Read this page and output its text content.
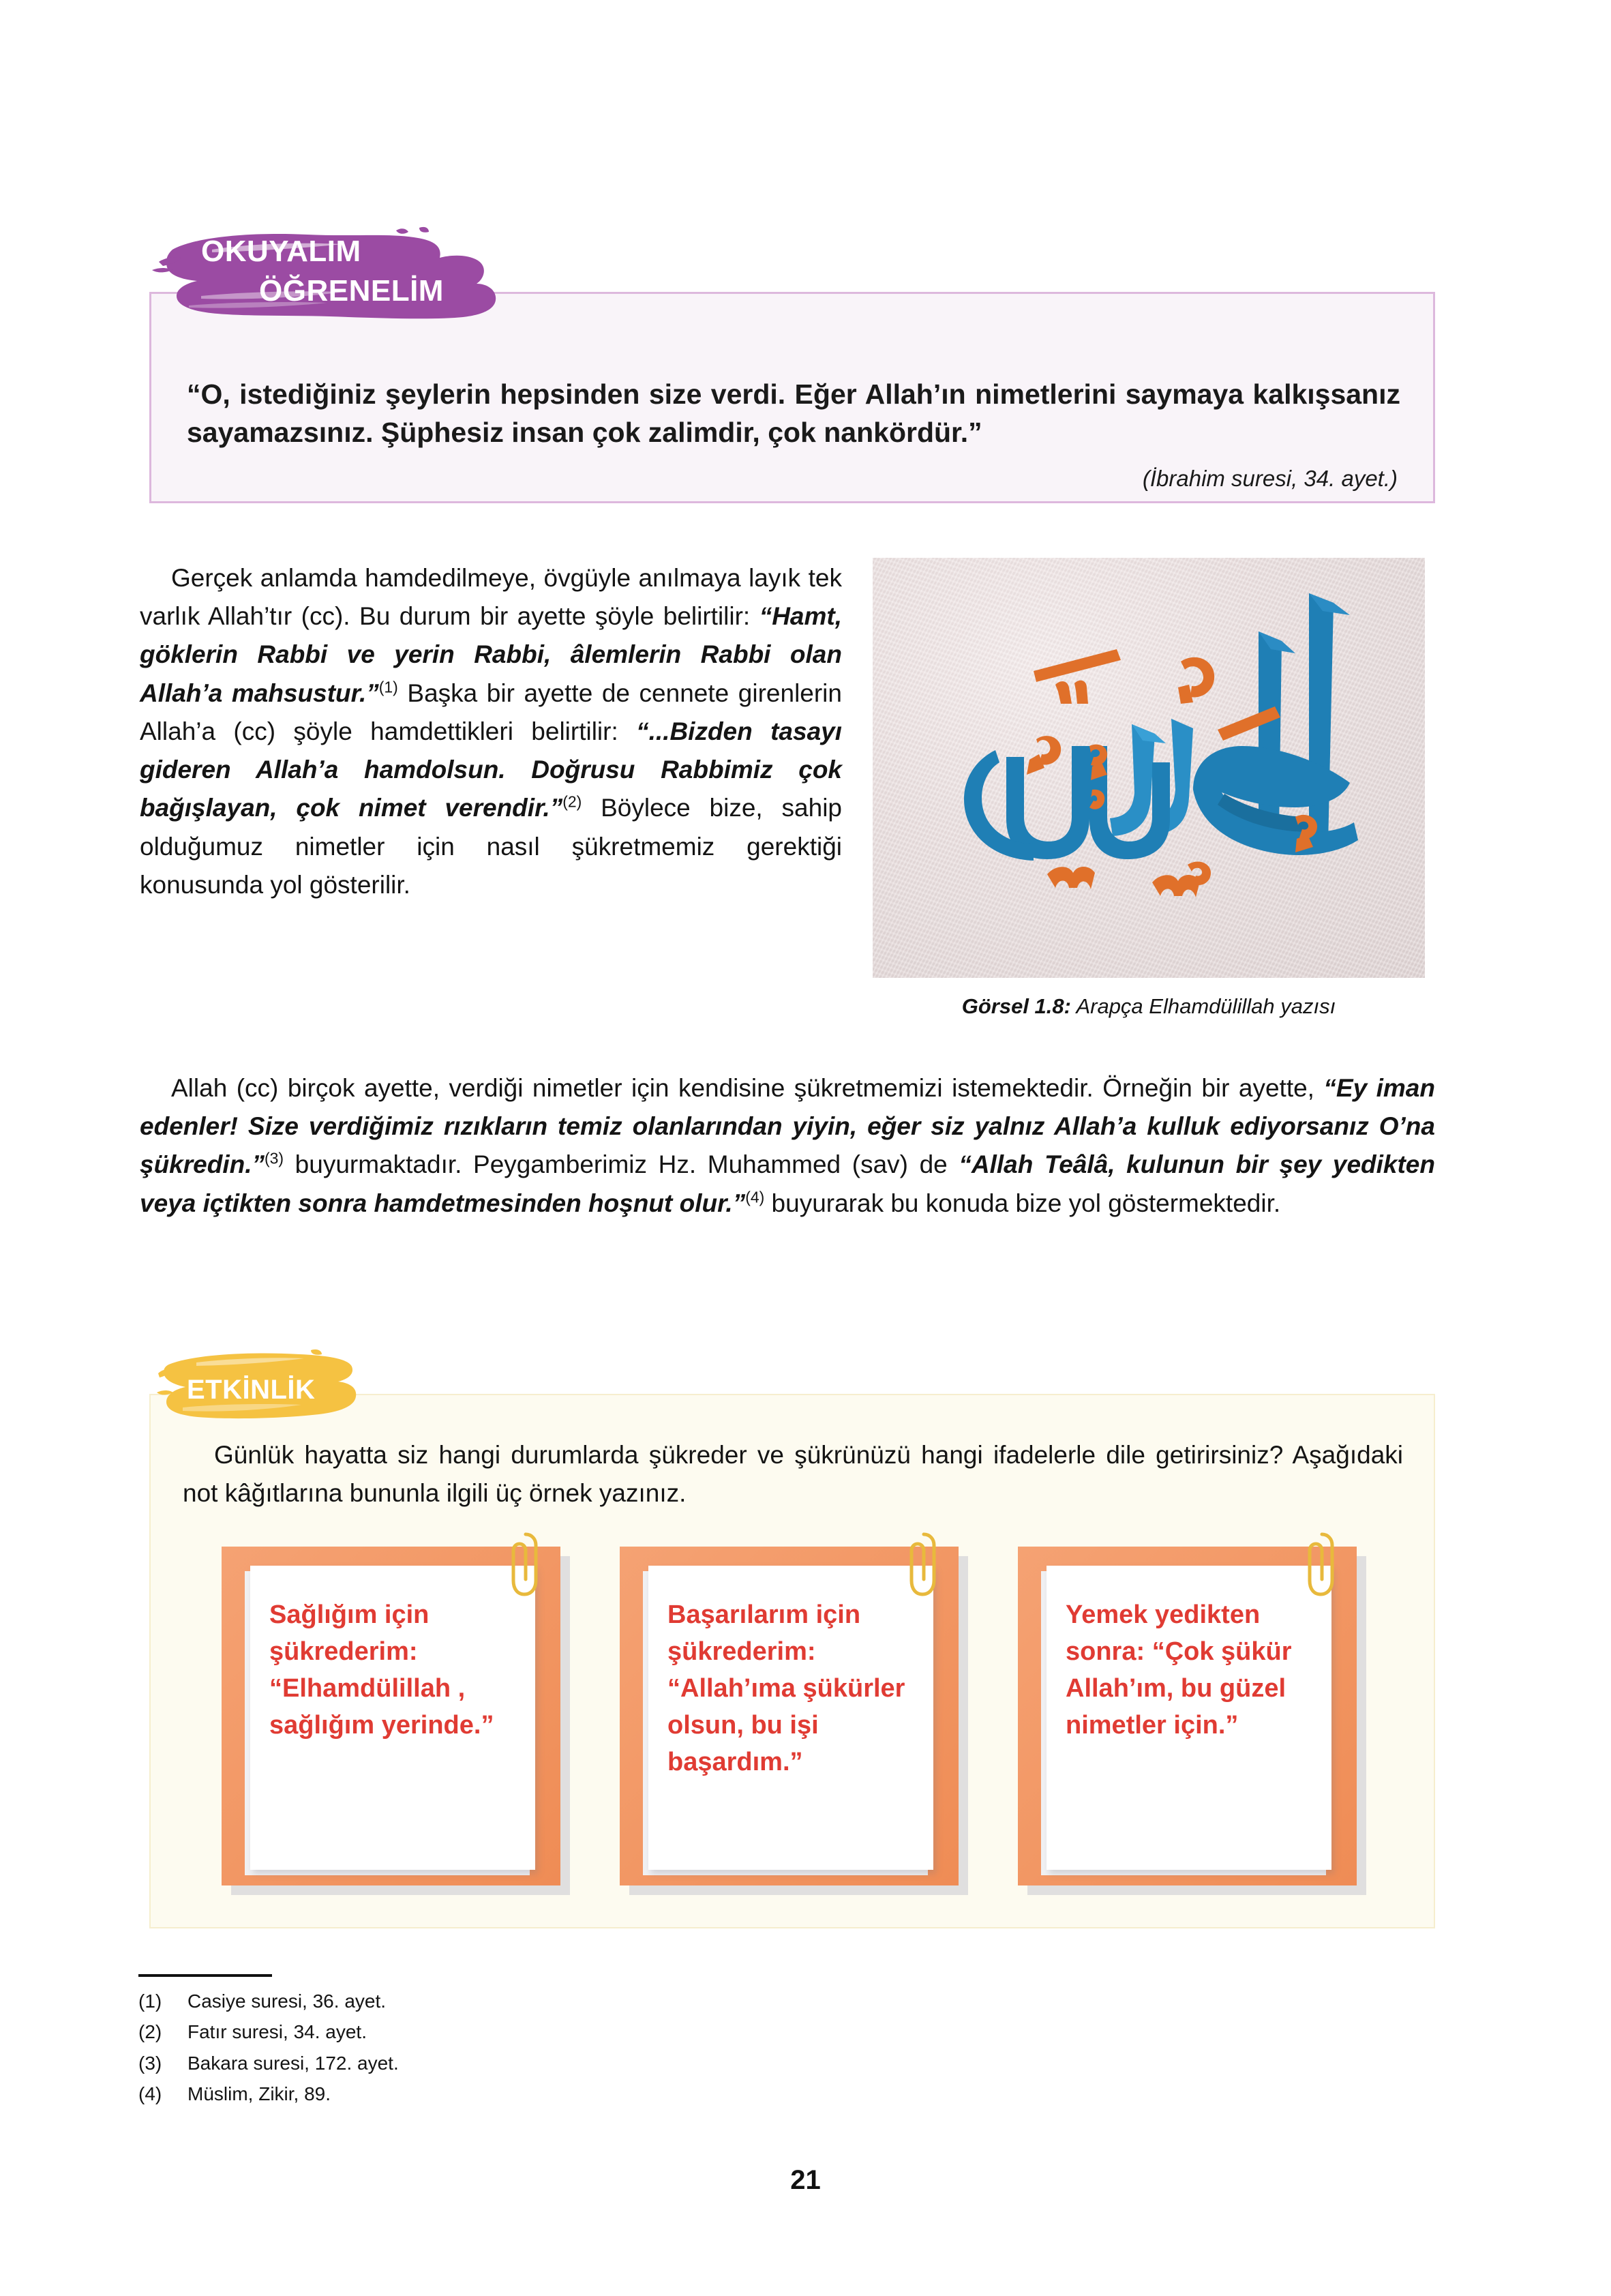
OKUYALIM
ÖĞRENELİM
“O, istediğiniz şeylerin hepsinden size verdi. Eğer Allah’ın nimetlerini saymaya kalkışsanız sayamazsınız. Şüphesiz insan çok zalimdir, çok nankördür.”
(İbrahim suresi, 34. ayet.)
Gerçek anlamda hamdedilmeye, övgüyle anılmaya layık tek varlık Allah’tır (cc). Bu durum bir ayette şöyle belirtilir: “Hamt, göklerin Rabbi ve yerin Rabbi, âlemlerin Rabbi olan Allah’a mahsustur.”$^{(1)}$ Başka bir ayette de cennete girenlerin Allah’a (cc) şöyle hamdettikleri belirtilir: “...Bizden tasayı gideren Allah’a hamdolsun. Doğrusu Rabbimiz çok bağışlayan, çok nimet verendir.”$^{(2)}$ Böylece bize, sahip olduğumuz nimetler için nasıl şükretmemiz gerektiği konusunda yol gösterilir.
Görsel 1.8: Arapça Elhamdülillah yazısı
Allah (cc) birçok ayette, verdiği nimetler için kendisine şükretmemizi istemektedir. Örneğin bir ayette, “Ey iman edenler! Size verdiğimiz rızıkların temiz olanlarından yiyin, eğer siz yalnız Allah’a kulluk ediyorsanız O’na şükredin.”$^{(3)}$ buyurmaktadır. Peygamberimiz Hz. Muhammed (sav) de “Allah Teâlâ, kulunun bir şey yedikten veya içtikten sonra hamdetmesinden hoşnut olur.”$^{(4)}$ buyurarak bu konuda bize yol göstermektedir.
Günlük hayatta siz hangi durumlarda şükreder ve şükrünüzü hangi ifadelerle dile getirirsiniz? Aşağıdaki not kâğıtlarına bununla ilgili üç örnek yazınız.
Sağlığım için şükrederim: “Elhamdülillah , sağlığım yerinde.”
Başarılarım için şükrederim: “Allah’ıma şükürler olsun, bu işi başardım.”
Yemek yedikten sonra: “Çok şükür Allah’ım, bu güzel nimetler için.”
ETKİNLİK
(1)	Casiye suresi, 36. ayet.
(2)	Fatır suresi, 34. ayet.
(3)	Bakara suresi, 172. ayet.
(4)	Müslim, Zikir, 89.
21
